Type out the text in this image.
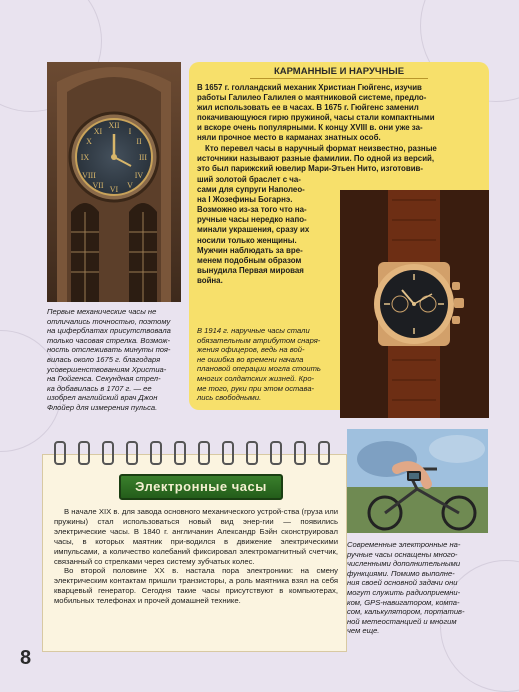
XII
III
VI
IX
I
II
IV
V
VII
VIII
X
XI
Первые механические часы не
отличались точностью, поэтому
на циферблатах присутствовала
только часовая стрелка. Возмож-
ность отслеживать минуты поя-
вилась около 1675 г. благодаря
усовершенствованиям Христиа-
на Гюйгенса. Секундная стрел-
ка добавилась в 1707 г. — ее
изобрел английский врач Джон
Флойер для измерения пульса.
КАРМАННЫЕ И НАРУЧНЫЕ
В 1657 г. голландский механик Христиан Гюйгенс, изучив
работы Галилео Галилея о маятниковой системе, предло-
жил использовать ее в часах. В 1675 г. Гюйгенс заменил
покачивающуюся гирю пружиной, часы стали компактными
и вскоре очень популярными. К концу XVIII в. они уже за-
няли прочное место в карманах знатных особ.
Кто перевел часы в наручный формат неизвестно, разные
источники называют разные фамилии. По одной из версий,
это был парижский ювелир Мари-Этьен Нито, изготовив-
ший золотой браслет с ча-
сами для супруги Наполео-
на I Жозефины Богарнэ.
Возможно из-за того что на-
ручные часы нередко напо-
минали украшения, сразу их
носили только женщины.
Мужчин наблюдать за вре-
менем подобным образом
вынудила Первая мировая
война.
В 1914 г. наручные часы стали
обязательным атрибутом снаря-
жения офицеров, ведь на вой-
не ошибка во времени начала
плановой операции могла стоить
многих солдатских жизней. Кро-
ме того, руки при этом остава-
лись свободными.
Электронные часы

В начале XIX в. для завода основного механического устрой-ства (груза или пружины) стал использоваться новый вид энер-гии — появились электрические часы. В 1840 г. англичанин Александр Бэйн сконструировал часы, в которых маятник при-водился в движение электрическими импульсами, а количество колебаний фиксировал электромагнитный счетчик, связанный со стрелками через систему зубчатых колес.

Во второй половине XX в. настала пора электроники: на смену электрическим контактам пришли транзисторы, а роль маятника взял на себя кварцевый генератор. Сегодня такие часы присутствуют в компьютерах, мобильных телефонах и прочей домашней технике.

Современные электронные на-
ручные часы оснащены много-
численными дополнительными
функциями. Помимо выполне-
ния своей основной задачи они
могут служить радиоприемни-
ком, GPS-навигатором, компа-
сом, калькулятором, портатив-
ной метеостанцией и многим
чем еще.
8
